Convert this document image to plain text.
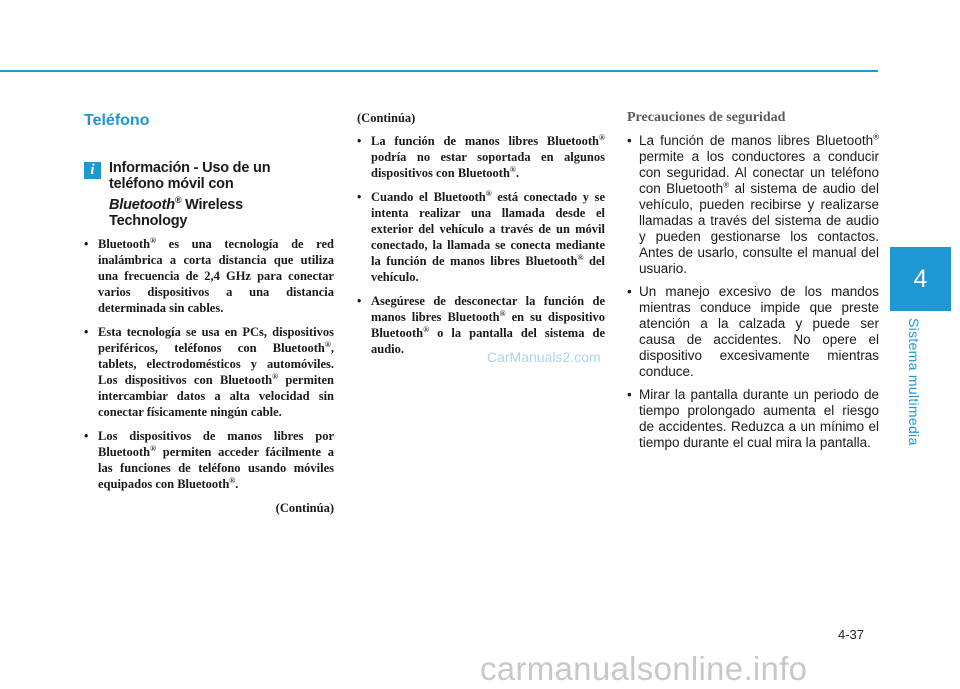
4
Sistema multimedia
Teléfono
i Información - Uso de un
teléfono móvil con
Bluetooth® Wireless
Technology
• Bluetooth® es una tecnología de red inalámbrica a corta distancia que utiliza una frecuencia de 2,4 GHz para conectar varios dispositivos a una distancia determinada sin cables.
• Esta tecnología se usa en PCs, dispositivos periféricos, teléfonos con Bluetooth®, tablets, electrodomésticos y automóviles. Los dispositivos con Bluetooth® permiten intercambiar datos a alta velocidad sin conectar físicamente ningún cable.
• Los dispositivos de manos libres por Bluetooth® permiten acceder fácilmente a las funciones de teléfono usando móviles equipados con Bluetooth®.
(Continúa)
(Continúa)
• La función de manos libres Bluetooth® podría no estar soportada en algunos dispositivos con Bluetooth®.
• Cuando el Bluetooth® está conectado y se intenta realizar una llamada desde el exterior del vehículo a través de un móvil conectado, la llamada se conecta mediante la función de manos libres Bluetooth® del vehículo.
• Asegúrese de desconectar la función de manos libres Bluetooth® en su dispositivo Bluetooth® o la pantalla del sistema de audio.
Precauciones de seguridad
• La función de manos libres Bluetooth® permite a los conductores a conducir con seguridad. Al conectar un teléfono con Bluetooth® al sistema de audio del vehículo, pueden recibirse y realizarse llamadas a través del sistema de audio y pueden gestionarse los contactos. Antes de usarlo, consulte el manual del usuario.
• Un manejo excesivo de los mandos mientras conduce impide que preste atención a la calzada y puede ser causa de accidentes. No opere el dispositivo excesivamente mientras conduce.
• Mirar la pantalla durante un periodo de tiempo prolongado aumenta el riesgo de accidentes. Reduzca a un mínimo el tiempo durante el cual mira la pantalla.
CarManuals2.com
4-37
carmanualsonline.info
